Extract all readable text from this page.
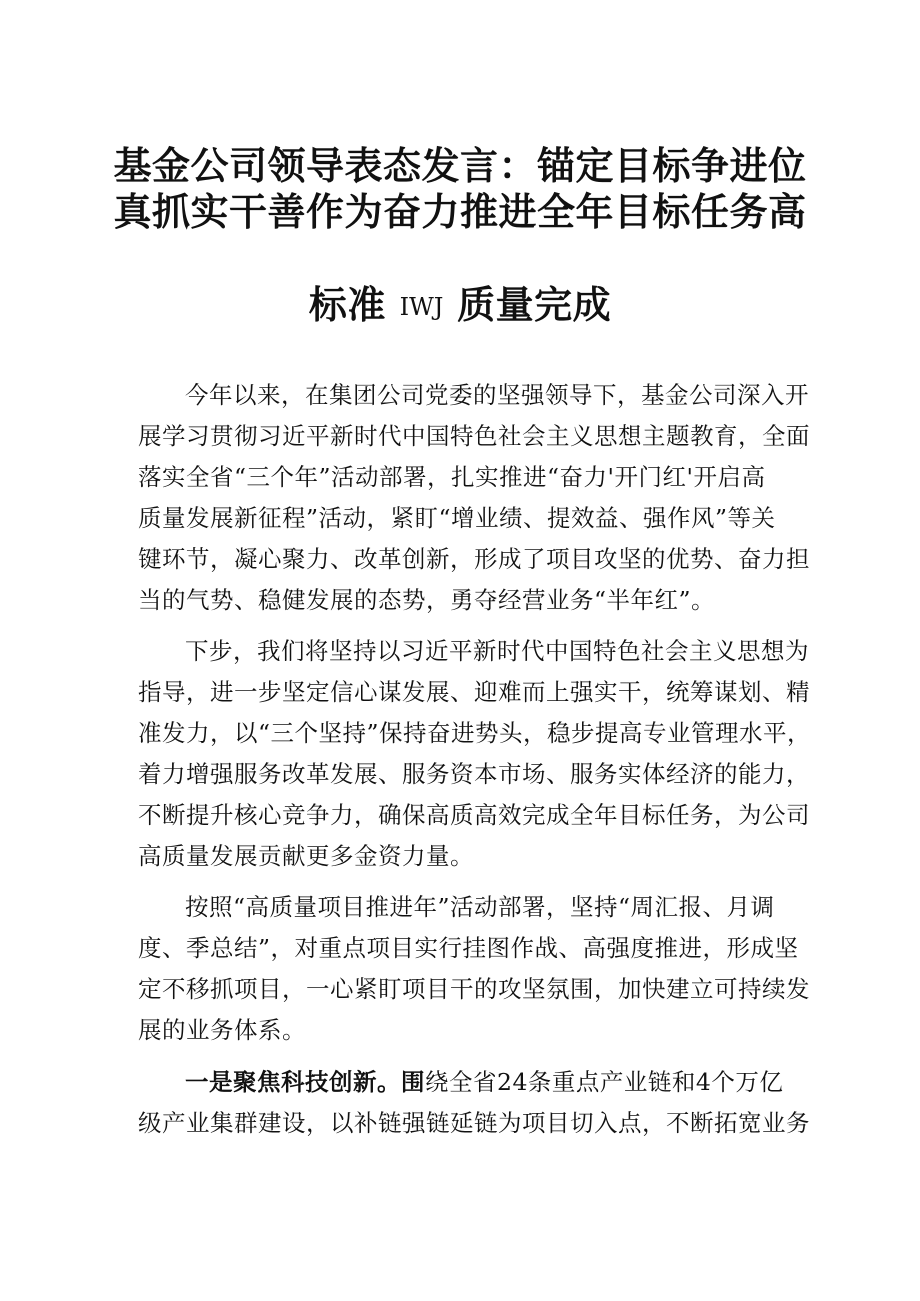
基金公司领导表态发言：锚定目标争进位
真抓实干善作为奋力推进全年目标任务高
标准 IWJ 质量完成
今年以来，在集团公司党委的坚强领导下，基金公司深入开
展学习贯彻习近平新时代中国特色社会主义思想主题教育，全面
落实全省“三个年”活动部署，扎实推进“奋力'开门红'开启高
质量发展新征程”活动，紧盯“增业绩、提效益、强作风”等关
键环节，凝心聚力、改革创新，形成了项目攻坚的优势、奋力担
当的气势、稳健发展的态势，勇夺经营业务“半年红”。
下步，我们将坚持以习近平新时代中国特色社会主义思想为
指导，进一步坚定信心谋发展、迎难而上强实干，统筹谋划、精
准发力，以“三个坚持”保持奋进势头，稳步提高专业管理水平，
着力增强服务改革发展、服务资本市场、服务实体经济的能力，
不断提升核心竞争力，确保高质高效完成全年目标任务，为公司
高质量发展贡献更多金资力量。
按照“高质量项目推进年”活动部署，坚持“周汇报、月调
度、季总结”，对重点项目实行挂图作战、高强度推进，形成坚
定不移抓项目，一心紧盯项目干的攻坚氛围，加快建立可持续发
展的业务体系。
一是聚焦科技创新。围绕全省24条重点产业链和4个万亿
级产业集群建设，以补链强链延链为项目切入点，不断拓宽业务
